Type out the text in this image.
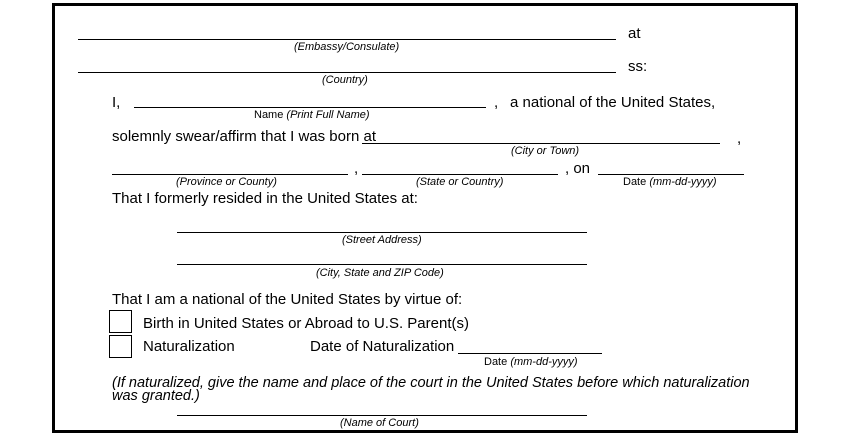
at
(Embassy/Consulate)
ss:
(Country)
I,	, a national of the United States,
Name (Print Full Name)
solemnly swear/affirm that I was born at	,
(City or Town)
,	, on
(Province or County)	(State or Country)	Date (mm-dd-yyyy)
That I formerly resided in the United States at:
(Street Address)
(City, State and ZIP Code)
That I am a national of the United States by virtue of:
Birth in United States or Abroad to U.S. Parent(s)
Naturalization	Date of Naturalization
Date (mm-dd-yyyy)
(If naturalized, give the name and place of the court in the United States before which naturalization was granted.)
(Name of Court)
